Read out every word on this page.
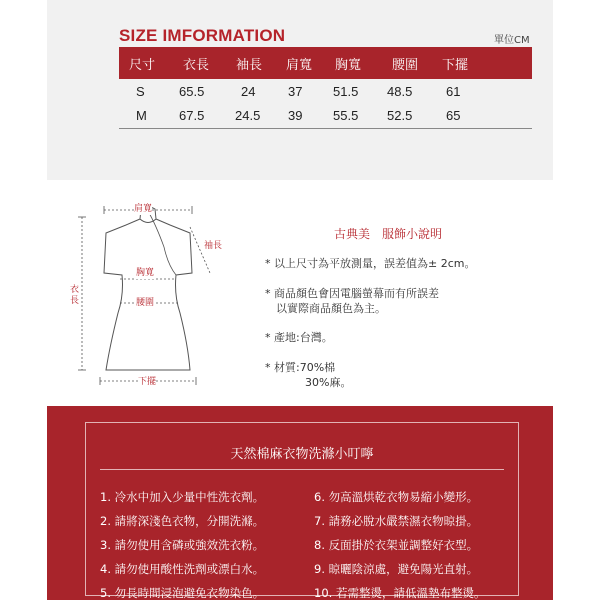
SIZE IMFORMATION	單位CM
尺寸 衣長 袖長 肩寬 胸寬 腰圍 下擺
S	65.5	24	37 51.5 48.5	61
M 67.5 24.5 39 55.5 52.5	65
肩寬
袖長
胸寬
衣長	腰圍
下擺
古典美　服飾小說明
* 以上尺寸為平放測量，誤差值為± 2cm。
* 商品顏色會因電腦螢幕而有所誤差
以實際商品顏色為主。
* 產地:台灣。
* 材質:70%棉
30%麻。
天然棉麻衣物洗滌小叮嚀
1. 冷水中加入少量中性洗衣劑。
2. 請將深淺色衣物，分開洗滌。
3. 請勿使用含磷或強效洗衣粉。
4. 請勿使用酸性洗劑或漂白水。
5. 勿長時間浸泡避免衣物染色。
6. 勿高溫烘乾衣物易縮小變形。
7. 請務必脫水嚴禁濕衣物晾掛。
8. 反面掛於衣架並調整好衣型。
9. 晾曬陰涼處，避免陽光直射。
10. 若需整燙，請低溫墊布整燙。
